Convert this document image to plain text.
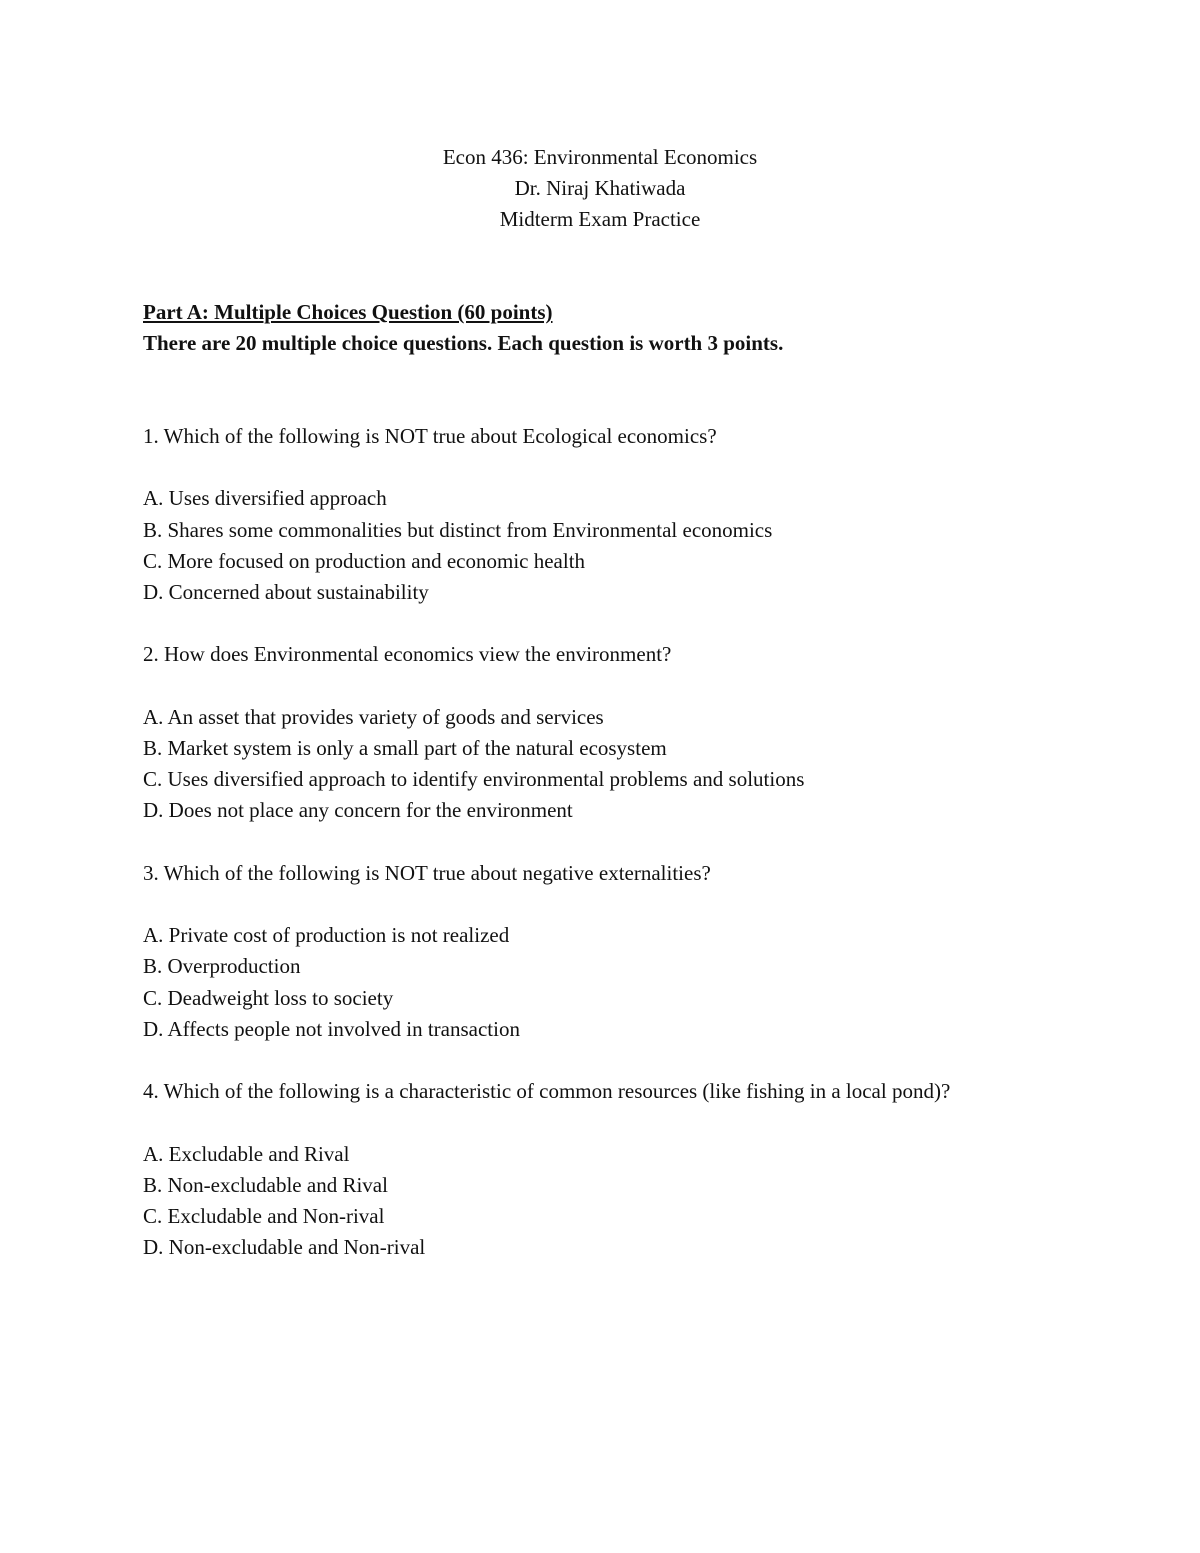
Econ 436: Environmental Economics
Dr. Niraj Khatiwada
Midterm Exam Practice
Part A: Multiple Choices Question (60 points)
There are 20 multiple choice questions. Each question is worth 3 points.
1. Which of the following is NOT true about Ecological economics?
A. Uses diversified approach
B. Shares some commonalities but distinct from Environmental economics
C. More focused on production and economic health
D. Concerned about sustainability
2. How does Environmental economics view the environment?
A. An asset that provides variety of goods and services
B. Market system is only a small part of the natural ecosystem
C. Uses diversified approach to identify environmental problems and solutions
D. Does not place any concern for the environment
3. Which of the following is NOT true about negative externalities?
A. Private cost of production is not realized
B. Overproduction
C. Deadweight loss to society
D. Affects people not involved in transaction
4. Which of the following is a characteristic of common resources (like fishing in a local pond)?
A. Excludable and Rival
B. Non-excludable and Rival
C. Excludable and Non-rival
D. Non-excludable and Non-rival
